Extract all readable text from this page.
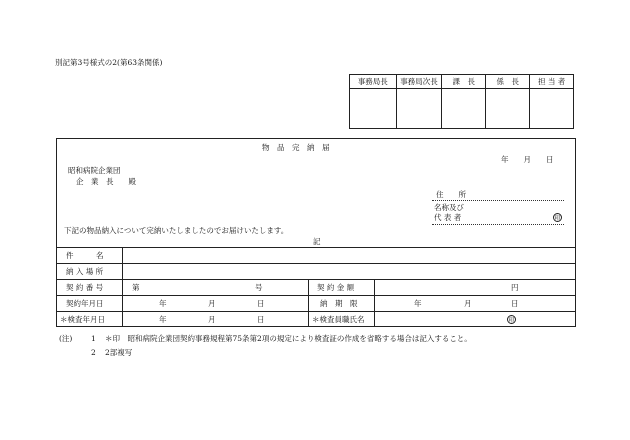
別記第3号様式の2(第63条関係)
事務局長	事務局次長	課　長	係　長	担 当 者

物　品　完　納　届
年　　月　　日
昭和病院企業団
企　業　長　　殿
住　　所
名称及び
代 表 者	印
下記の物品納入について完納いたしましたのでお届けいたします。
記
件　　　名
納 入 場 所
契 約 番 号	第	号	契 約 金 額	円
契約年月日	年	月	日	納　期　限	年	月	日
＊検査年月日	年	月	日	＊検査員職氏名	印
(注) 1 ＊印　昭和病院企業団契約事務規程第75条第2項の規定により検査証の作成を省略する場合は記入すること。
2 2部複写
